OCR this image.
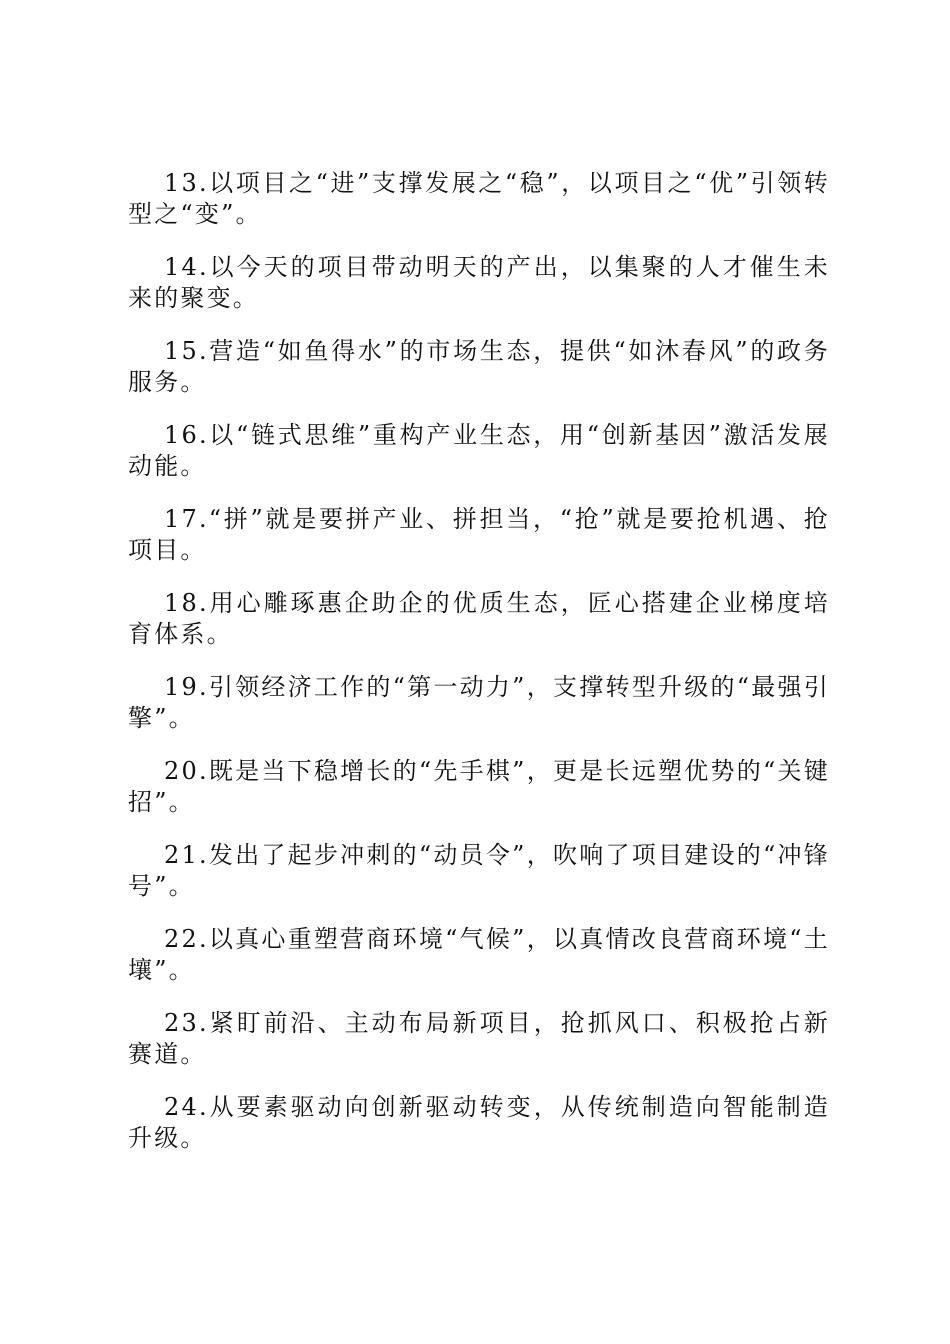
13.以项目之“进”支撑发展之“稳”，以项目之“优”引领转型之“变”。

14.以今天的项目带动明天的产出，以集聚的人才催生未来的聚变。

15.营造“如鱼得水”的市场生态，提供“如沐春风”的政务服务。

16.以“链式思维”重构产业生态，用“创新基因”激活发展动能。

17.“拼”就是要拼产业、拼担当，“抢”就是要抢机遇、抢项目。

18.用心雕琢惠企助企的优质生态，匠心搭建企业梯度培育体系。

19.引领经济工作的“第一动力”，支撑转型升级的“最强引擎”。

20.既是当下稳增长的“先手棋”，更是长远塑优势的“关键招”。

21.发出了起步冲刺的“动员令”，吹响了项目建设的“冲锋号”。

22.以真心重塑营商环境“气候”，以真情改良营商环境“土壤”。

23.紧盯前沿、主动布局新项目，抢抓风口、积极抢占新赛道。

24.从要素驱动向创新驱动转变，从传统制造向智能制造升级。
